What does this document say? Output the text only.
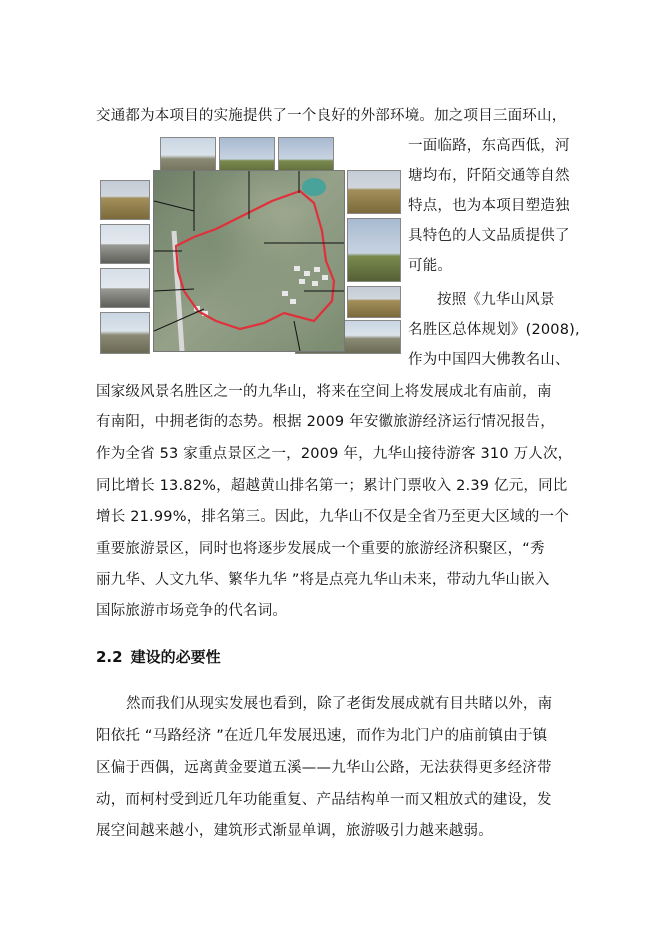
交通都为本项目的实施提供了一个良好的外部环境。加之项目三面环山，
一面临路，东高西低，河
塘均布，阡陌交通等自然
特点，也为本项目塑造独
具特色的人文品质提供了
可能。
按照《九华山风景
名胜区总体规划》(2008),
作为中国四大佛教名山、
国家级风景名胜区之一的九华山，将来在空间上将发展成北有庙前，南
有南阳，中拥老街的态势。根据 2009 年安徽旅游经济运行情况报告，
作为全省 53 家重点景区之一，2009 年，九华山接待游客 310 万人次，
同比增长 13.82%，超越黄山排名第一；累计门票收入 2.39 亿元，同比
增长 21.99%，排名第三。因此，九华山不仅是全省乃至更大区域的一个
重要旅游景区，同时也将逐步发展成一个重要的旅游经济积聚区，“秀
丽九华、人文九华、繁华九华 ”将是点亮九华山未来，带动九华山嵌入
国际旅游市场竞争的代名词。
2.2 建设的必要性
然而我们从现实发展也看到，除了老街发展成就有目共睹以外，南
阳依托 “马路经济 ”在近几年发展迅速，而作为北门户的庙前镇由于镇
区偏于西偶，远离黄金要道五溪——九华山公路，无法获得更多经济带
动，而柯村受到近几年功能重复、产品结构单一而又粗放式的建设，发
展空间越来越小，建筑形式渐显单调，旅游吸引力越来越弱。
